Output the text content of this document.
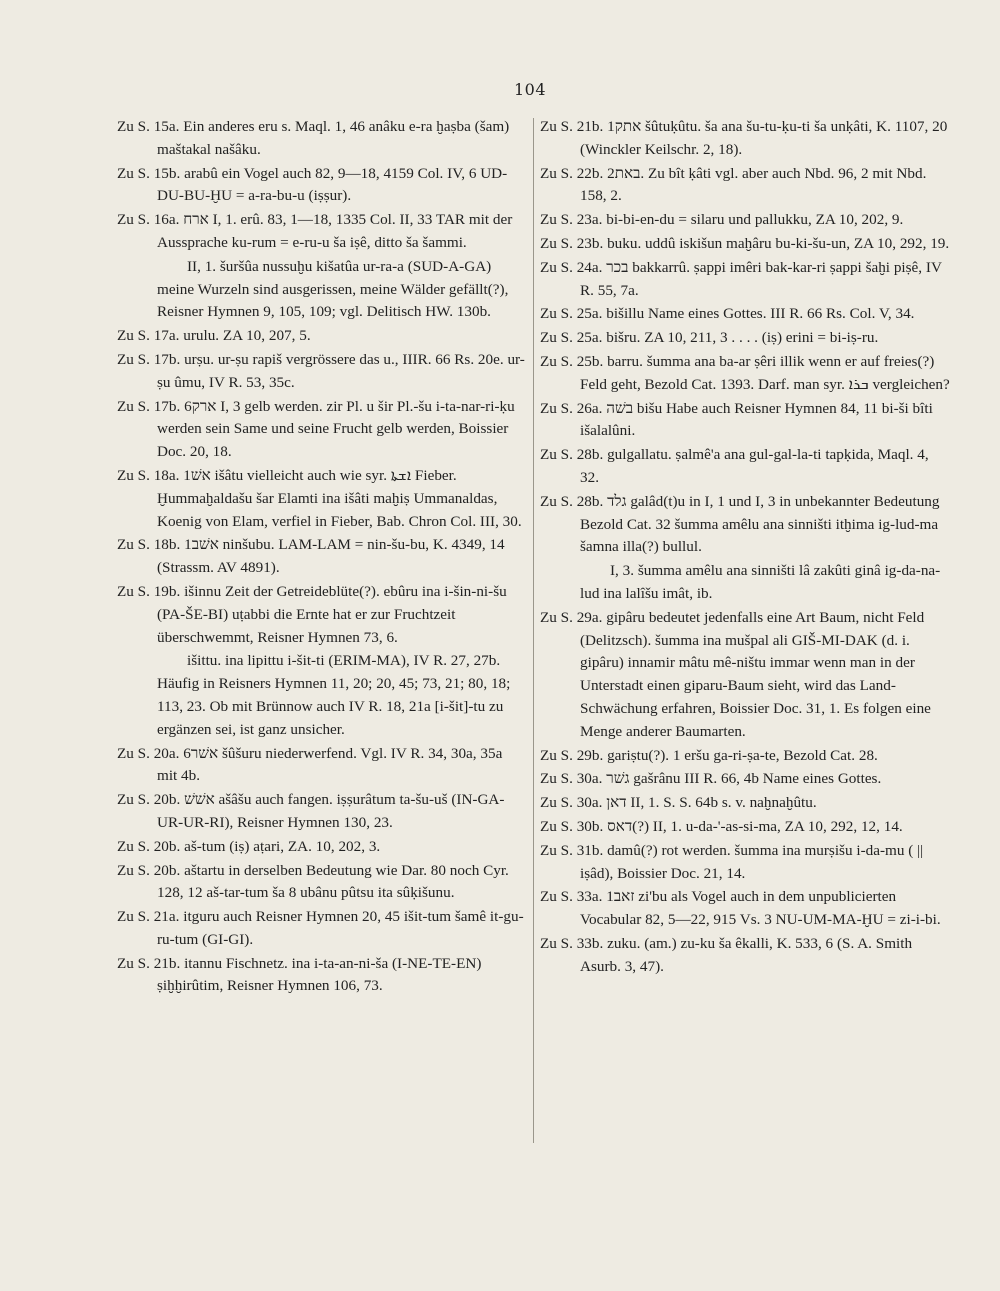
104

Zu S. 15a. Ein anderes eru s. Maql. 1, 46 anâku e-ra ḫaṣba (šam) maštakal našâku.

Zu S. 15b. arabû ein Vogel auch 82, 9—18, 4159 Col. IV, 6 UD-DU-BU-ḪU = a-ra-bu-u (iṣṣur).

Zu S. 16a. ארח I, 1. erû. 83, 1—18, 1335 Col. II, 33 TAR mit der Aussprache ku-rum = e-ru-u ša iṣê, ditto ša šammi.

II, 1. šuršûa nussuḫu kišatûa ur-ra-a (SUD-A-GA) meine Wurzeln sind ausgerissen, meine Wälder gefällt(?), Reisner Hymnen 9, 105, 109; vgl. Delitisch HW. 130b.

Zu S. 17a. urulu. ZA 10, 207, 5.

Zu S. 17b. urṣu. ur-ṣu rapiš vergrössere das u., IIIR. 66 Rs. 20e. ur-ṣu ûmu, IV R. 53, 35c.

Zu S. 17b. ארק6 I, 3 gelb werden. zir Pl. u šir Pl.-šu i-ta-nar-ri-ḳu werden sein Same und seine Frucht gelb werden, Boissier Doc. 20, 18.

Zu S. 18a. אשׁ1 išâtu vielleicht auch wie syr. ܐܫܬܐ Fieber. Ḫummaḫaldašu šar Elamti ina išâti maḫiṣ Ummanaldas, Koenig von Elam, verfiel in Fieber, Bab. Chron Col. III, 30.

Zu S. 18b. אשׁב1 ninšubu. LAM-LAM = nin-šu-bu, K. 4349, 14 (Strassm. AV 4891).

Zu S. 19b. išinnu Zeit der Getreideblüte(?). ebûru ina i-šin-ni-šu (PA-ŠE-BI) uṭabbi die Ernte hat er zur Fruchtzeit überschwemmt, Reisner Hymnen 73, 6.

išittu. ina lipittu i-šit-ti (ERIM-MA), IV R. 27, 27b. Häufig in Reisners Hymnen 11, 20; 20, 45; 73, 21; 80, 18; 113, 23. Ob mit Brünnow auch IV R. 18, 21a [i-šit]-tu zu ergänzen sei, ist ganz unsicher.

Zu S. 20a. אשׁר6 šûšuru niederwerfend. Vgl. IV R. 34, 30a, 35a mit 4b.

Zu S. 20b. אשׁשׁ ašâšu auch fangen. iṣṣurâtum ta-šu-uš (IN-GA-UR-UR-RI), Reisner Hymnen 130, 23.

Zu S. 20b. aš-tum (iṣ) aṭari, ZA. 10, 202, 3.

Zu S. 20b. aštartu in derselben Bedeutung wie Dar. 80 noch Cyr. 128, 12 aš-tar-tum ša 8 ubânu pûtsu ita sûḳišunu.

Zu S. 21a. itguru auch Reisner Hymnen 20, 45 išit-tum šamê it-gu-ru-tum (GI-GI).

Zu S. 21b. itannu Fischnetz. ina i-ta-an-ni-ša (I-NE-TE-EN) ṣiḫḫirûtim, Reisner Hymnen 106, 73.

Zu S. 21b. אתק1 šûtuḳûtu. ša ana šu-tu-ḳu-ti ša unḳâti, K. 1107, 20 (Winckler Keilschr. 2, 18).

Zu S. 22b. באת2. Zu bît ḳâti vgl. aber auch Nbd. 96, 2 mit Nbd. 158, 2.

Zu S. 23a. bi-bi-en-du = silaru und pallukku, ZA 10, 202, 9.

Zu S. 23b. buku. uddû iskišun maḫâru bu-ki-šu-un, ZA 10, 292, 19.

Zu S. 24a. בכר bakkarrû. ṣappi imêri bak-kar-ri ṣappi šaḫi piṣê, IV R. 55, 7a.

Zu S. 25a. bišillu Name eines Gottes. III R. 66 Rs. Col. V, 34.

Zu S. 25a. bišru. ZA 10, 211, 3 . . . . (iṣ) erini = bi-iṣ-ru.

Zu S. 25b. barru. šumma ana ba-ar ṣêri illik wenn er auf freies(?) Feld geht, Bezold Cat. 1393. Darf. man syr. ܒܪܐ vergleichen?

Zu S. 26a. בשׁה bišu Habe auch Reisner Hymnen 84, 11 bi-ši bîti išalalûni.

Zu S. 28b. gulgallatu. ṣalmê'a ana gul-gal-la-ti tapḳida, Maql. 4, 32.

Zu S. 28b. גלד galâd(t)u in I, 1 und I, 3 in unbekannter Bedeutung Bezold Cat. 32 šumma amêlu ana sinništi itḫima ig-lud-ma šamna illa(?) bullul.

I, 3. šumma amêlu ana sinništi lâ zakûti ginâ ig-da-na-lud ina lalîšu imât, ib.

Zu S. 29a. gipâru bedeutet jedenfalls eine Art Baum, nicht Feld (Delitzsch). šumma ina mušpal ali GIŠ-MI-DAK (d. i. gipâru) innamir mâtu mê-ništu immar wenn man in der Unterstadt einen giparu-Baum sieht, wird das Land-Schwächung erfahren, Boissier Doc. 31, 1. Es folgen eine Menge anderer Baumarten.

Zu S. 29b. gariṣtu(?). 1 eršu ga-ri-ṣa-te, Bezold Cat. 28.

Zu S. 30a. גשׁר gašrânu III R. 66, 4b Name eines Gottes.

Zu S. 30a. דאן II, 1. S. S. 64b s. v. naḫnaḫûtu.

Zu S. 30b. דאס(?) II, 1. u-da-'-as-si-ma, ZA 10, 292, 12, 14.

Zu S. 31b. damû(?) rot werden. šumma ina murṣišu i-da-mu ( || iṣâd), Boissier Doc. 21, 14.

Zu S. 33a. זאב1 zi'bu als Vogel auch in dem unpublicierten Vocabular 82, 5—22, 915 Vs. 3 NU-UM-MA-ḪU = zi-i-bi.

Zu S. 33b. zuku. (am.) zu-ku ša êkalli, K. 533, 6 (S. A. Smith Asurb. 3, 47).
